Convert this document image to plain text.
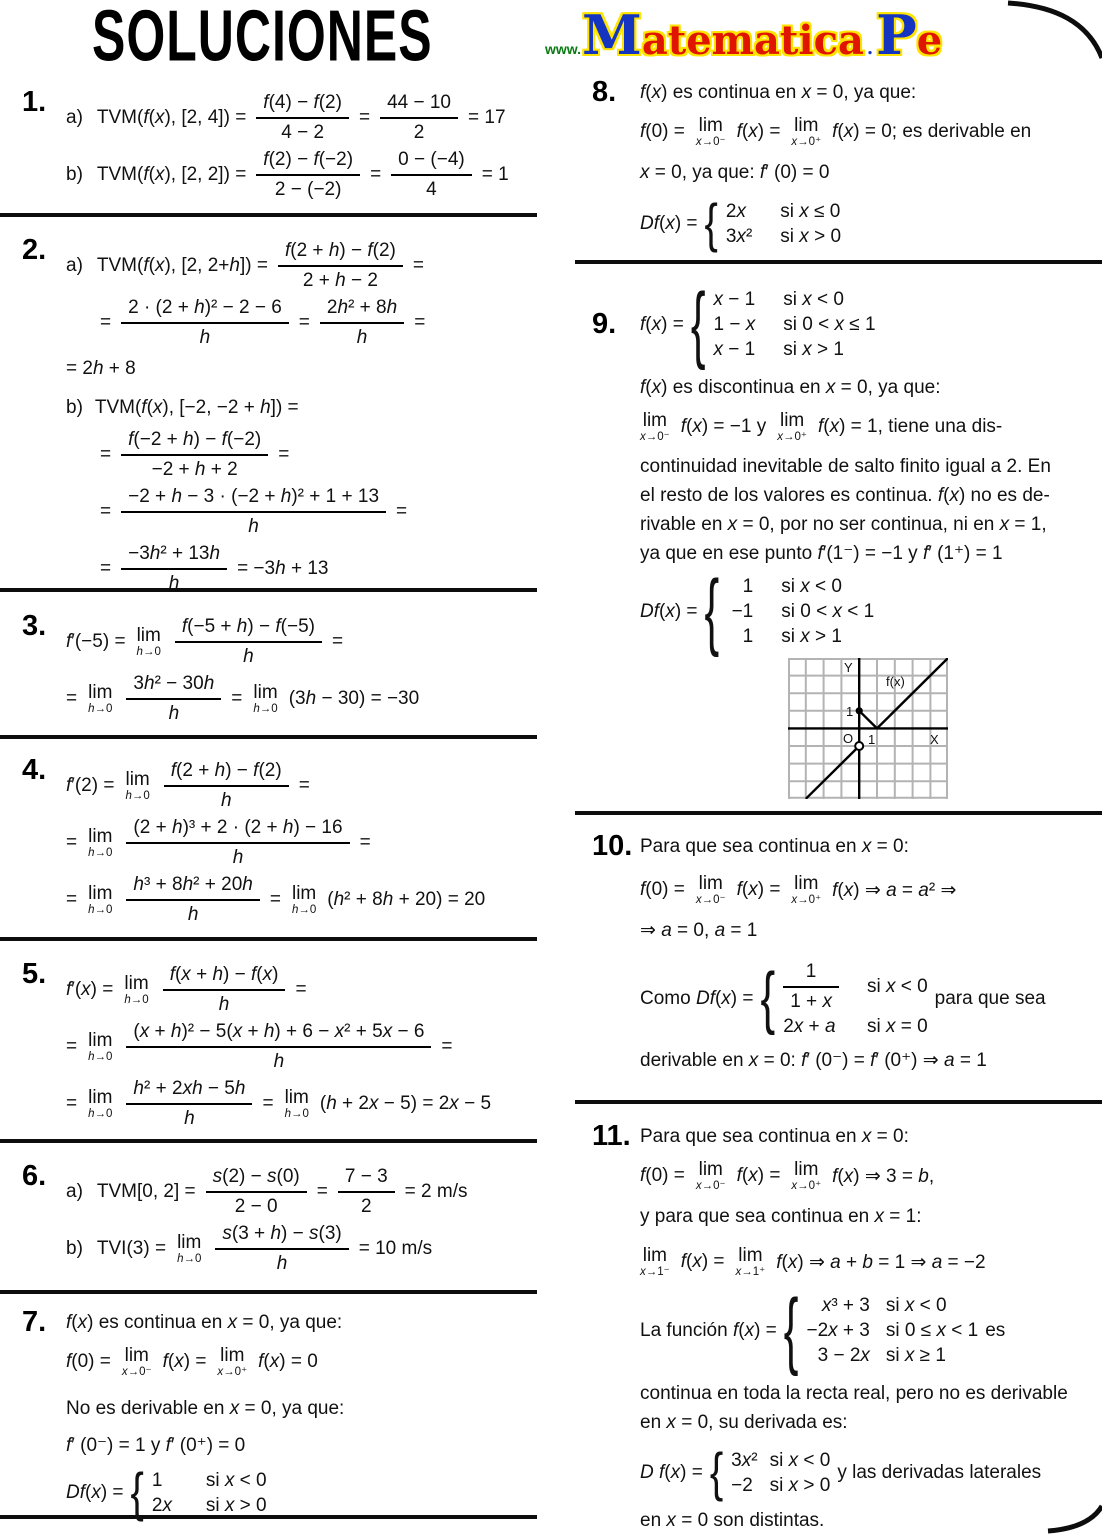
SOLUCIONES	www. M atematica . P e
1. a) TVM(f(x), [2, $4]) = \frac{f(4) - f(2)}{4 - 2} = \frac{44 - 10}{2} = 17$
b) TVM(f(x), [2, $2]) = \frac{f(2) - f(-2)}{2 - (-2)} = \frac{0 - (-4)}{4} = 1$
2. a) TVM(f(x), [2, $2+h]) = \frac{f(2 + h) - f(2)}{2 + h - 2}$ =
= $\frac{\text{2 · (2 + h)² − 2 − 6}}{h} = \frac{\text{2h² + 8h}}{h}$ =
= 2h + 8
b) TVM(f(x), [−2, −2 + h]) =
= $\frac{f(-2 + h) - f(-2)}{-2 + h + 2}$ =
= $\frac{\text{−2 + h − 3 · (−2 + h)² + 1 + 13}}{h}$ =
= $\frac{\text{−3h² + 13h}}{h} = -3h + 13$
3. f′(−5) = lim
$h\to 0 \frac{f(-5 + h) - f(-5)}{h}$ =
= lim
$h\to 0 \frac{\text{3h² − 30h}}{h} = \lim$
h→0 (3h − 30) = −30
4. f′(2) = lim
$h\to 0 \frac{f(2 + h) - f(2)}{h}$ =
= lim
$h\to 0 \frac{\text{(2 + h)³ + 2 · (2 + h) − 16}}{h}$ =
= lim
$h\to 0 \frac{\text{h³ + 8h² + 20h}}{h} = \lim$
h→0 (h² + 8h + 20) = 20
5. f′(x) = lim
$h\to 0 \frac{f(x + h) - f(x)}{h}$ =
= lim
$h\to 0 \frac{\text{(x + h)² − 5(x + h) + 6 − x² + 5x − 6}}{h}$ =
= lim
$h\to 0 \frac{\text{h² + 2xh − 5h}}{h} = \lim$
h→0 (h + 2x − 5) = 2x − 5
6. a) TVM[0, $2] = \frac{s(2) - s(0)}{2 - 0} = \frac{7 - 3}{2} = 2$ m/s
b) TVI(3) = lim
$h\to 0 \frac{s(3 + h) - s(3)}{h} = 10$ m/s
7. f(x) es continua en x = 0, ya que:
f(0) = lim
x→0⁻ f(x) = lim
x→0⁺ f(x) = 0
No es derivable en x = 0, ya que:
f′ (0⁻) = 1 y f′ (0⁺) = 0
Df(x) = { 1	si x < 0
2x	si x > 0
8. f(x) es continua en x = 0, ya que:
f(0) = lim
x→0⁻ f(x) = lim
x→0⁺ f(x) = 0; es derivable en
x = 0, ya que: f′ (0) = 0
Df(x) = { 2x	si x ≤ 0
3x² si x > 0
9. f(x) = { x − 1 si x < 0
1 − x si 0 < x ≤ 1
x − 1 si x > 1
f(x) es discontinua en x = 0, ya que:
lim
x→0⁻ f(x) = −1 y lim
x→0⁺ f(x) = 1, tiene una dis-
continuidad inevitable de salto finito igual a 2. En
el resto de los valores es continua. f(x) no es de-
rivable en x = 0, por no ser continua, ni en x = 1,
ya que en ese punto f′(1⁻) = −1 y f′ (1⁺) = 1
Df(x) = {	1 si x < 0
−1 si 0 < x < 1
1 si x > 1
Y
X
O 1
1
f(x)
10. Para que sea continua en x = 0:
f(0) = lim
x→0⁻ f(x) = lim
x→0⁺ f(x) ⇒ a = a² ⇒
⇒ a = 0, a = 1
Como Df(x) = { $\frac{1}{1 + x}$ si x < 0
2x + a si x = 0
para que sea
derivable en x = 0: f′ (0⁻) = f′ (0⁺) ⇒ a = 1
11. Para que sea continua en x = 0:
f(0) = lim
x→0⁻ f(x) = lim
x→0⁺ f(x) ⇒ 3 = b,
y para que sea continua en x = 1:
lim
x→1⁻ f(x) = lim
x→1⁺ f(x) ⇒ a + b = 1 ⇒ a = −2
La función f(x) = {	x³ + 3 si x < 0
−2x + 3 si 0 ≤ x < 1
3 − 2x si x ≥ 1
es
continua en toda la recta real, pero no es derivable
en x = 0, su derivada es:
D f(x) = { 3x² si x < 0
−2 si x > 0
y las derivadas laterales
en x = 0 son distintas.
